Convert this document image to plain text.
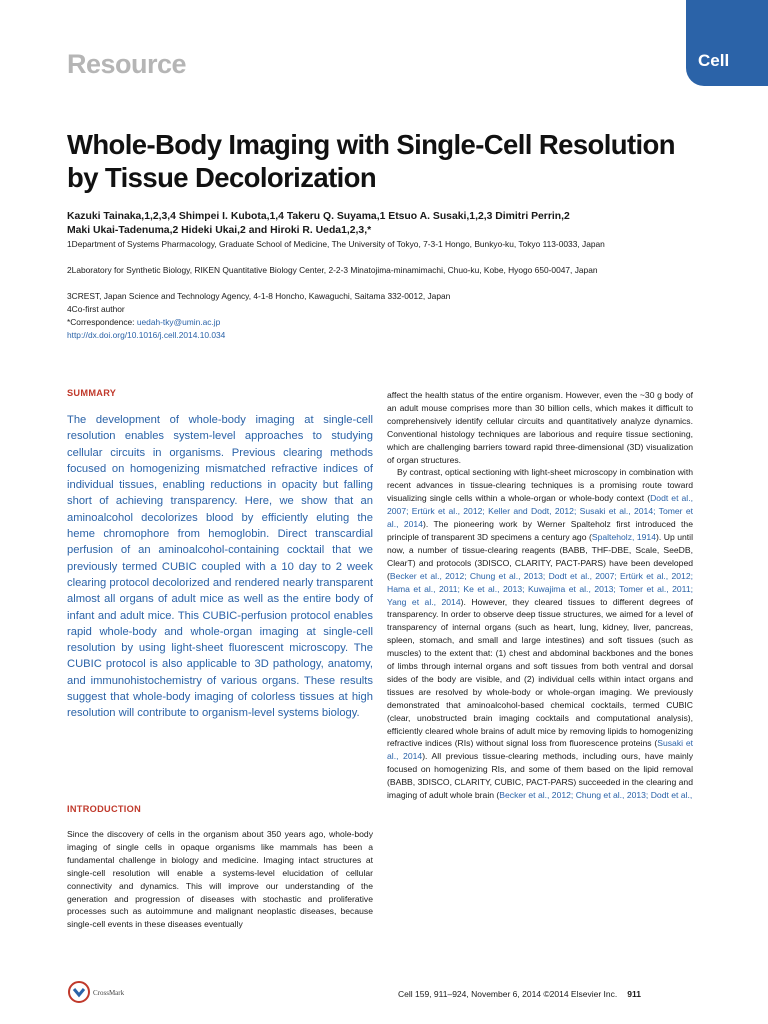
Resource	Cell
Whole-Body Imaging with Single-Cell Resolution by Tissue Decolorization
Kazuki Tainaka,1,2,3,4 Shimpei I. Kubota,1,4 Takeru Q. Suyama,1 Etsuo A. Susaki,1,2,3 Dimitri Perrin,2
Maki Ukai-Tadenuma,2 Hideki Ukai,2 and Hiroki R. Ueda1,2,3,*
1Department of Systems Pharmacology, Graduate School of Medicine, The University of Tokyo, 7-3-1 Hongo, Bunkyo-ku, Tokyo 113-0033, Japan
2Laboratory for Synthetic Biology, RIKEN Quantitative Biology Center, 2-2-3 Minatojima-minamimachi, Chuo-ku, Kobe, Hyogo 650-0047, Japan
3CREST, Japan Science and Technology Agency, 4-1-8 Honcho, Kawaguchi, Saitama 332-0012, Japan
4Co-first author
*Correspondence: uedah-tky@umin.ac.jp
http://dx.doi.org/10.1016/j.cell.2014.10.034
SUMMARY
The development of whole-body imaging at single-cell resolution enables system-level approaches to studying cellular circuits in organisms. Previous clearing methods focused on homogenizing mismatched refractive indices of individual tissues, enabling reductions in opacity but falling short of achieving transparency. Here, we show that an aminoalcohol decolorizes blood by efficiently eluting the heme chromophore from hemoglobin. Direct transcardial perfusion of an aminoalcohol-containing cocktail that we previously termed CUBIC coupled with a 10 day to 2 week clearing protocol decolorized and rendered nearly transparent almost all organs of adult mice as well as the entire body of infant and adult mice. This CUBIC-perfusion protocol enables rapid whole-body and whole-organ imaging at single-cell resolution by using light-sheet fluorescent microscopy. The CUBIC protocol is also applicable to 3D pathology, anatomy, and immunohistochemistry of various organs. These results suggest that whole-body imaging of colorless tissues at high resolution will contribute to organism-level systems biology.
INTRODUCTION
Since the discovery of cells in the organism about 350 years ago, whole-body imaging of single cells in opaque organisms like mammals has been a fundamental challenge in biology and medicine. Imaging intact structures at single-cell resolution will enable a systems-level elucidation of cellular connectivity and dynamics. This will improve our understanding of the generation and progression of diseases with stochastic and proliferative processes such as autoimmune and malignant neoplastic diseases, because single-cell events in these diseases eventually
affect the health status of the entire organism. However, even the ~30 g body of an adult mouse comprises more than 30 billion cells, which makes it difficult to comprehensively identify cellular circuits and quantitatively analyze dynamics. Conventional histology techniques are laborious and require tissue sectioning, which are challenging barriers toward rapid three-dimensional (3D) visualization of organ structures.
By contrast, optical sectioning with light-sheet microscopy in combination with recent advances in tissue-clearing techniques is a promising route toward visualizing single cells within a whole-organ or whole-body context (Dodt et al., 2007; Ertürk et al., 2012; Keller and Dodt, 2012; Susaki et al., 2014; Tomer et al., 2014). The pioneering work by Werner Spalteholz first introduced the principle of transparent 3D specimens a century ago (Spalteholz, 1914). Up until now, a number of tissue-clearing reagents (BABB, THF-DBE, Scale, SeeDB, ClearT) and protocols (3DISCO, CLARITY, PACT-PARS) have been developed (Becker et al., 2012; Chung et al., 2013; Dodt et al., 2007; Ertürk et al., 2012; Hama et al., 2011; Ke et al., 2013; Kuwajima et al., 2013; Tomer et al., 2011; Yang et al., 2014). However, they cleared tissues to different degrees of transparency. In order to observe deep tissue structures, we aimed for a level of transparency of internal organs (such as heart, lung, kidney, liver, pancreas, spleen, stomach, and small and large intestines) and soft tissues (such as muscles) to the extent that: (1) chest and abdominal backbones and the bones of limbs through internal organs and soft tissues from both ventral and dorsal sides of the body are visible, and (2) individual cells within intact organs and tissues are resolved by whole-body or whole-organ imaging. We previously demonstrated that aminoalcohol-based chemical cocktails, termed CUBIC (clear, unobstructed brain imaging cocktails and computational analysis), efficiently cleared whole brains of adult mice by removing lipids to homogenizing refractive indices (RIs) without signal loss from fluorescence proteins (Susaki et al., 2014). All previous tissue-clearing methods, including ours, have mainly focused on homogenizing RIs, and some of them based on the lipid removal (BABB, 3DISCO, CLARITY, CUBIC, PACT-PARS) succeeded in the clearing and imaging of adult whole brain (Becker et al., 2012; Chung et al., 2013; Dodt et al.,
CrossMark	Cell 159, 911–924, November 6, 2014 ©2014 Elsevier Inc. 911
